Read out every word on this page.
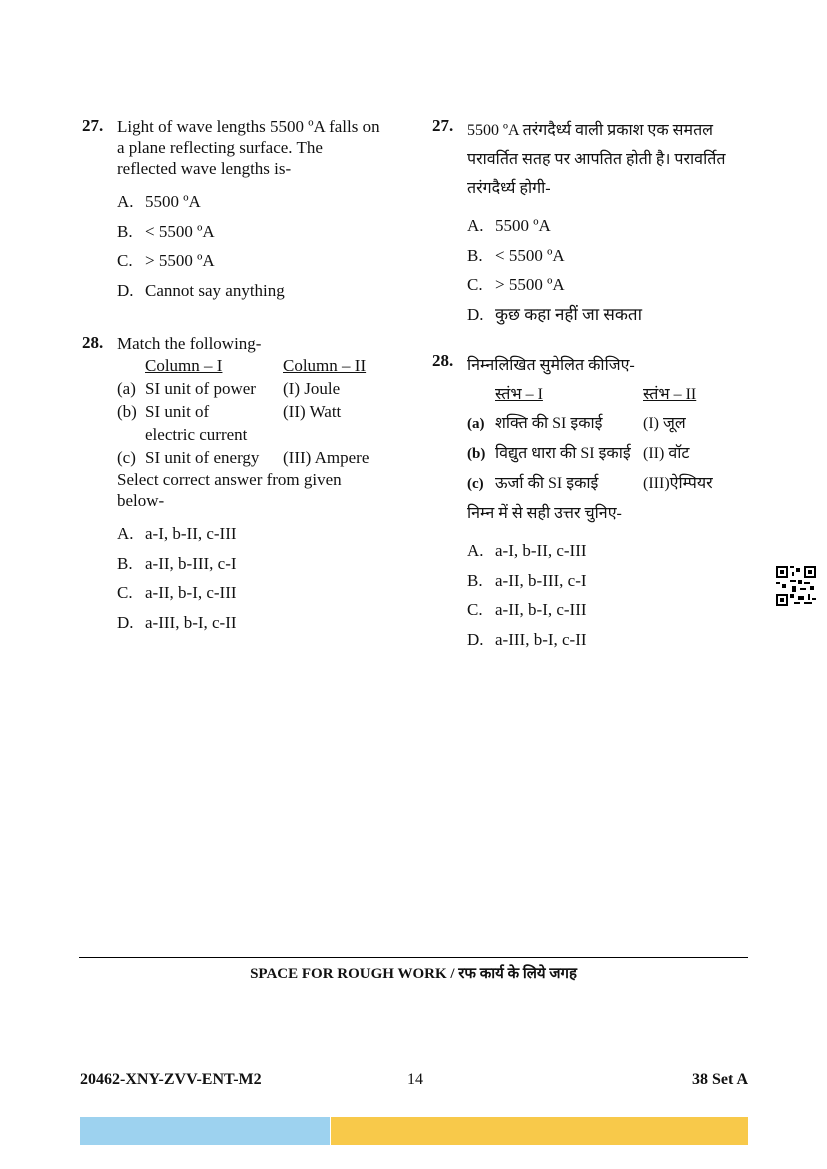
27. Light of wave lengths 5500 ºA falls on
a plane reflecting surface. The
reflected wave lengths is-
A. 5500 ºA
B. < 5500 ºA
C. > 5500 ºA
D. Cannot say anything
28. Match the following-
Column – I	Column – II
(a) SI unit of power	(I) Joule
(b) SI unit of	(II) Watt
electric current
(c) SI unit of energy	(III) Ampere
Select correct answer from given
below-
A. a-I, b-II, c-III
B. a-II, b-III, c-I
C. a-II, b-I, c-III
D. a-III, b-I, c-II
27. 5500 ºA तरंगदैर्ध्य वाली प्रकाश एक समतल
परावर्तित सतह पर आपतित होती है। परावर्तित
तरंगदैर्ध्य होगी-
A. 5500 ºA
B. < 5500 ºA
C. > 5500 ºA
D. कुछ कहा नहीं जा सकता
28. निम्नलिखित सुमेलित कीजिए-
स्तंभ – I	स्तंभ – II
(a) शक्ति की SI इकाई	(I) जूल
(b) विद्युत धारा की SI इकाई (II) वॉट
(c) ऊर्जा की SI इकाई	(III)ऐम्पियर
निम्न में से सही उत्तर चुनिए-
A. a-I, b-II, c-III
B. a-II, b-III, c-I
C. a-II, b-I, c-III
D. a-III, b-I, c-II
SPACE FOR ROUGH WORK / रफ कार्य के लिये जगह
20462-XNY-ZVV-ENT-M2	14	38 Set A
